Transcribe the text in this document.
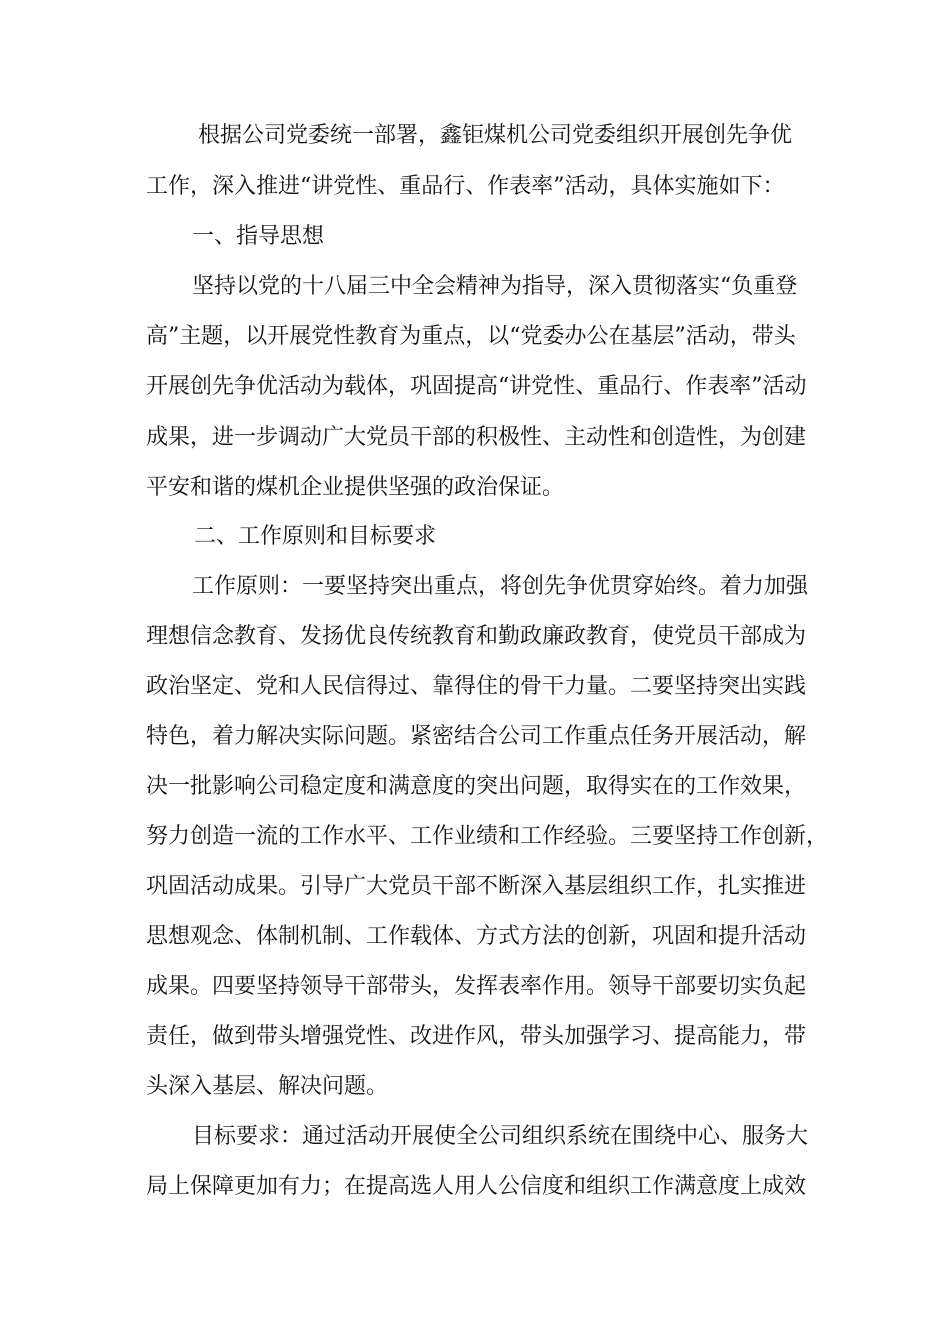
根据公司党委统一部署，鑫钜煤机公司党委组织开展创先争优
工作，深入推进“讲党性、重品行、作表率”活动，具体实施如下：
一、指导思想
坚持以党的十八届三中全会精神为指导，深入贯彻落实“负重登
高”主题，以开展党性教育为重点，以“党委办公在基层”活动，带头
开展创先争优活动为载体，巩固提高“讲党性、重品行、作表率”活动
成果，进一步调动广大党员干部的积极性、主动性和创造性，为创建
平安和谐的煤机企业提供坚强的政治保证。
二、工作原则和目标要求
工作原则：一要坚持突出重点，将创先争优贯穿始终。着力加强
理想信念教育、发扬优良传统教育和勤政廉政教育，使党员干部成为
政治坚定、党和人民信得过、靠得住的骨干力量。二要坚持突出实践
特色，着力解决实际问题。紧密结合公司工作重点任务开展活动，解
决一批影响公司稳定度和满意度的突出问题，取得实在的工作效果，
努力创造一流的工作水平、工作业绩和工作经验。三要坚持工作创新，
巩固活动成果。引导广大党员干部不断深入基层组织工作，扎实推进
思想观念、体制机制、工作载体、方式方法的创新，巩固和提升活动
成果。四要坚持领导干部带头，发挥表率作用。领导干部要切实负起
责任，做到带头增强党性、改进作风，带头加强学习、提高能力，带
头深入基层、解决问题。
目标要求：通过活动开展使全公司组织系统在围绕中心、服务大
局上保障更加有力；在提高选人用人公信度和组织工作满意度上成效
